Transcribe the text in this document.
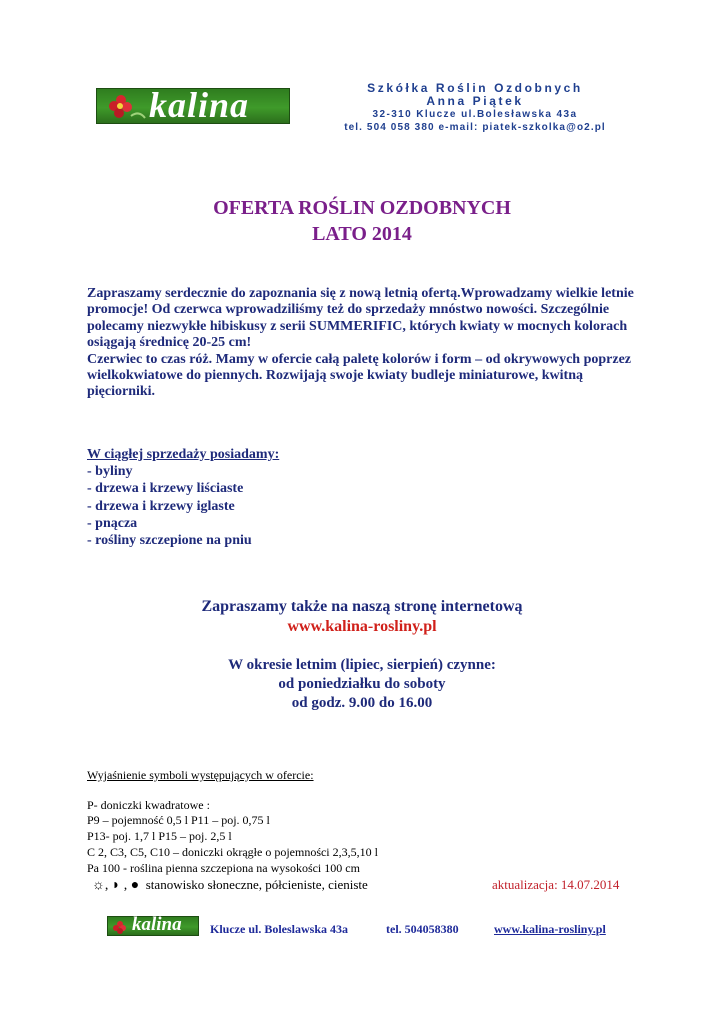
kalina	Szkółka Roślin Ozdobnych
Anna Piątek
32-310 Klucze ul.Bolesławska 43a
tel. 504 058 380 e-mail: piatek-szkolka@o2.pl
OFERTA ROŚLIN OZDOBNYCH
LATO 2014

Zapraszamy serdecznie do zapoznania się z nową letnią ofertą.Wprowadzamy wielkie letnie promocje! Od czerwca wprowadziliśmy też do sprzedaży mnóstwo nowości. Szczególnie polecamy niezwykłe hibiskusy z serii SUMMERIFIC, których kwiaty w mocnych kolorach osiągają średnicę 20-25 cm!

Czerwiec to czas róż. Mamy w ofercie całą paletę kolorów i form – od okrywowych poprzez wielkokwiatowe do piennych. Rozwijają swoje kwiaty budleje miniaturowe, kwitną pięciorniki.

W ciągłej sprzedaży posiadamy:
- byliny
- drzewa i krzewy liściaste
- drzewa i krzewy iglaste
- pnącza
- rośliny szczepione na pniu
Zapraszamy także na naszą stronę internetową
www.kalina-rosliny.pl
W okresie letnim (lipiec, sierpień) czynne:
od poniedziałku do soboty
od godz. 9.00 do 16.00
Wyjaśnienie symboli występujących w ofercie:
P- doniczki kwadratowe :
P9 – pojemność 0,5 l P11 – poj. 0,75 l
P13- poj. 1,7 l P15 – poj. 2,5 l
C 2, C3, C5, C10 – doniczki okrągłe o pojemności 2,3,5,10 l
Pa 100 - roślina pienna szczepiona na wysokości 100 cm
☼, ◗ , ● stanowisko słoneczne, półcieniste, cieniste	aktualizacja: 14.07.2014
kalina Klucze ul. Boleslawska 43a	tel. 504058380	www.kalina-rosliny.pl
